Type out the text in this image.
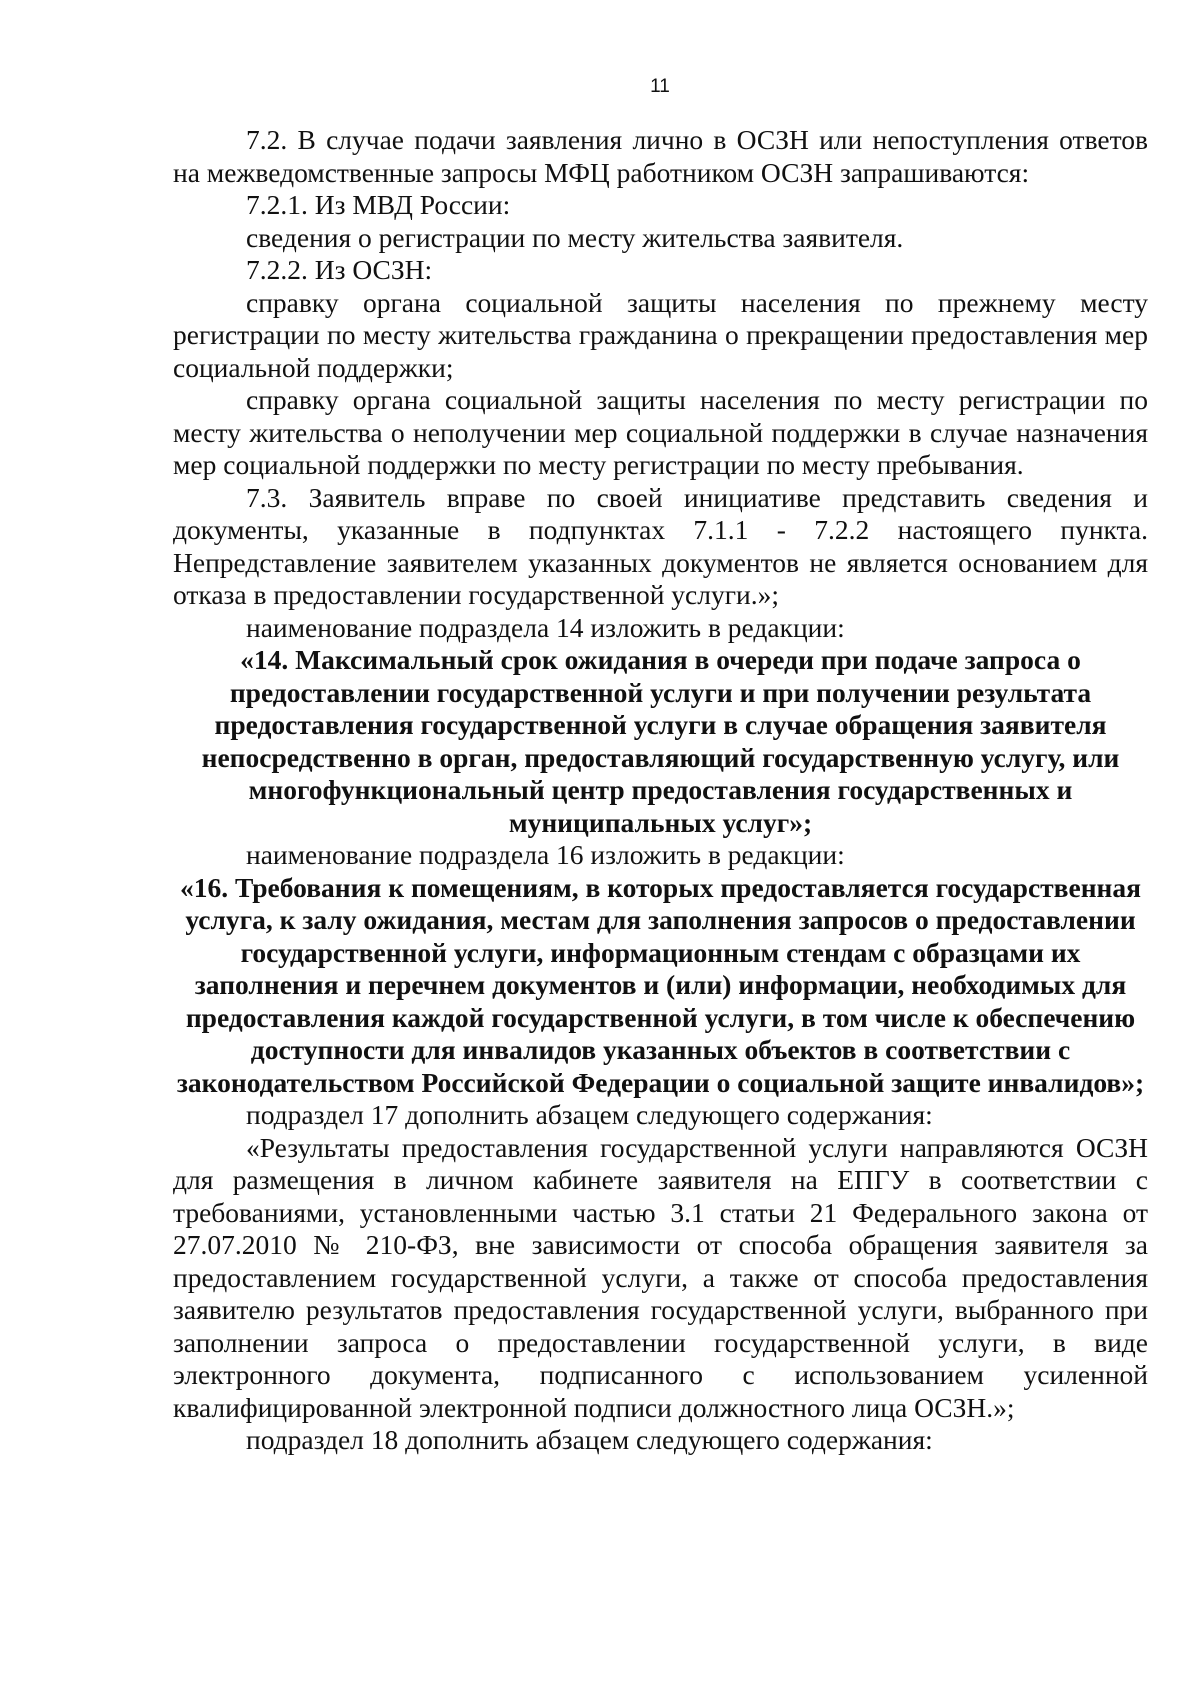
11

7.2. В случае подачи заявления лично в ОСЗН или непоступления ответов на межведомственные запросы МФЦ работником ОСЗН запрашиваются:

7.2.1. Из МВД России:

сведения о регистрации по месту жительства заявителя.

7.2.2. Из ОСЗН:

справку органа социальной защиты населения по прежнему месту регистрации по месту жительства гражданина о прекращении предоставления мер социальной поддержки;

справку органа социальной защиты населения по месту регистрации по месту жительства о неполучении мер социальной поддержки в случае назначения мер социальной поддержки по месту регистрации по месту пребывания.

7.3. Заявитель вправе по своей инициативе представить сведения и документы, указанные в подпунктах 7.1.1 - 7.2.2 настоящего пункта. Непредставление заявителем указанных документов не является основанием для отказа в предоставлении государственной услуги.»;

наименование подраздела 14 изложить в редакции:

«14. Максимальный срок ожидания в очереди при подаче запроса о предоставлении государственной услуги и при получении результата предоставления государственной услуги в случае обращения заявителя непосредственно в орган, предоставляющий государственную услугу, или многофункциональный центр предоставления государственных и муниципальных услуг»;

наименование подраздела 16 изложить в редакции:

«16. Требования к помещениям, в которых предоставляется государственная услуга, к залу ожидания, местам для заполнения запросов о предоставлении государственной услуги, информационным стендам с образцами их заполнения и перечнем документов и (или) информации, необходимых для предоставления каждой государственной услуги, в том числе к обеспечению доступности для инвалидов указанных объектов в соответствии с законодательством Российской Федерации о социальной защите инвалидов»;

подраздел 17 дополнить абзацем следующего содержания:

«Результаты предоставления государственной услуги направляются ОСЗН для размещения в личном кабинете заявителя на ЕПГУ в соответствии с требованиями, установленными частью 3.1 статьи 21 Федерального закона от 27.07.2010 № 210-ФЗ, вне зависимости от способа обращения заявителя за предоставлением государственной услуги, а также от способа предоставления заявителю результатов предоставления государственной услуги, выбранного при заполнении запроса о предоставлении государственной услуги, в виде электронного документа, подписанного с использованием усиленной квалифицированной электронной подписи должностного лица ОСЗН.»;

подраздел 18 дополнить абзацем следующего содержания:
